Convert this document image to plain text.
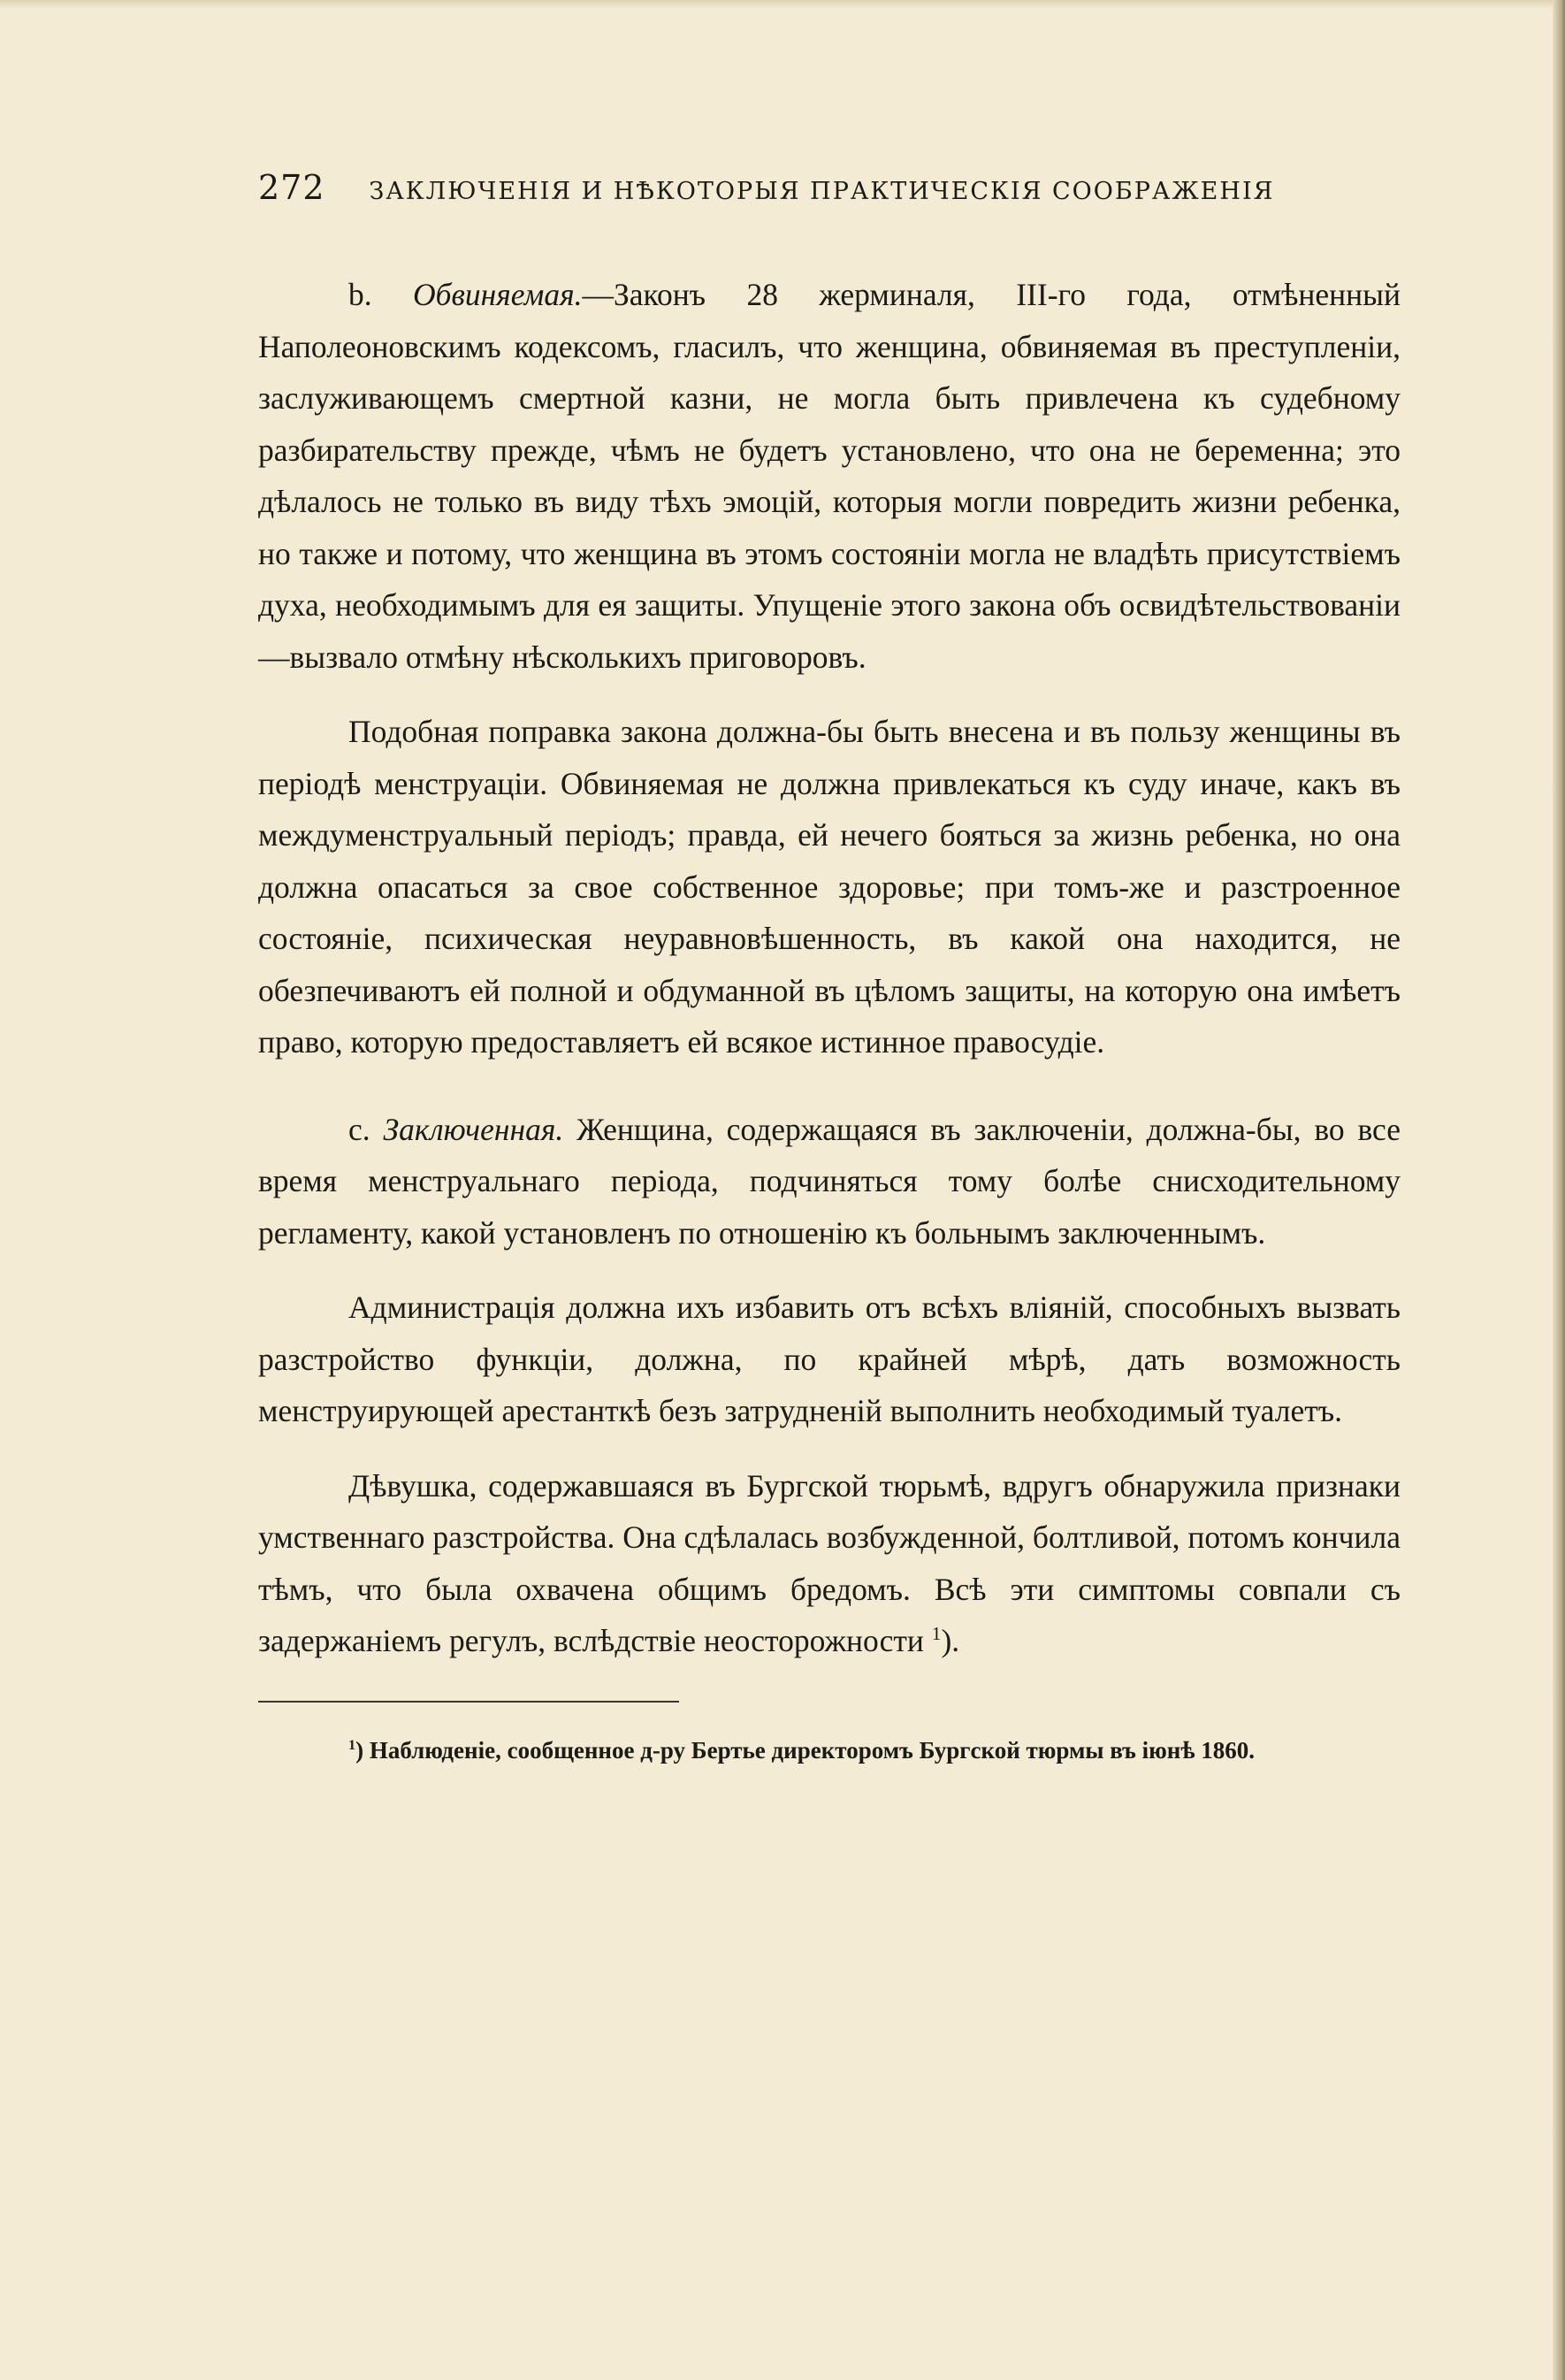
272 ЗАКЛЮЧЕНІЯ И НѢКОТОРЫЯ ПРАКТИЧЕСКІЯ СООБРАЖЕНІЯ

b. Обвиняемая.—Законъ 28 жерминаля, III-го года, отмѣненный Наполеоновскимъ кодексомъ, гласилъ, что женщина, обвиняемая въ преступленіи, заслуживающемъ смертной казни, не могла быть привлечена къ судебному разбирательству прежде, чѣмъ не будетъ установлено, что она не беременна; это дѣлалось не только въ виду тѣхъ эмоцій, которыя могли повредить жизни ребенка, но также и потому, что женщина въ этомъ состояніи могла не владѣть присутствіемъ духа, необходимымъ для ея защиты. Упущеніе этого закона объ освидѣтельствованіи—вызвало отмѣну нѣсколькихъ приговоровъ.

Подобная поправка закона должна-бы быть внесена и въ пользу женщины въ періодѣ менструаціи. Обвиняемая не должна привлекаться къ суду иначе, какъ въ междуменструальный періодъ; правда, ей нечего бояться за жизнь ребенка, но она должна опасаться за свое собственное здоровье; при томъ-же и разстроенное состояніе, психическая неуравновѣшенность, въ какой она находится, не обезпечиваютъ ей полной и обдуманной въ цѣломъ защиты, на которую она имѣетъ право, которую предоставляетъ ей всякое истинное правосудіе.

c. Заключенная. Женщина, содержащаяся въ заключеніи, должна-бы, во все время менструальнаго періода, подчиняться тому болѣе снисходительному регламенту, какой установленъ по отношенію къ больнымъ заключеннымъ.

Администрація должна ихъ избавить отъ всѣхъ вліяній, способныхъ вызвать разстройство функціи, должна, по крайней мѣрѣ, дать возможность менструирующей арестанткѣ безъ затрудненій выполнить необходимый туалетъ.

Дѣвушка, содержавшаяся въ Бургской тюрьмѣ, вдругъ обнаружила признаки умственнаго разстройства. Она сдѣлалась возбужденной, болтливой, потомъ кончила тѣмъ, что была охвачена общимъ бредомъ. Всѣ эти симптомы совпали съ задержаніемъ регулъ, вслѣдствіе неосторожности $^1$).

$^1$) Наблюденіе, сообщенное д-ру Бертье директоромъ Бургской тюрмы въ іюнѣ 1860.
